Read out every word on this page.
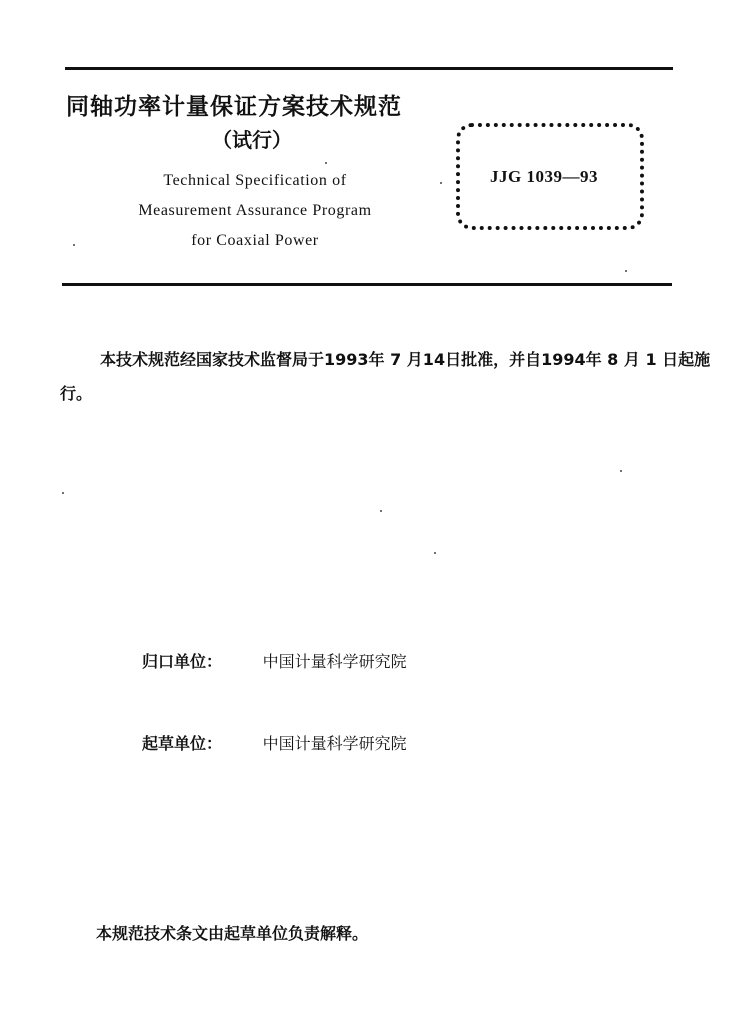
同轴功率计量保证方案技术规范
（试行）
Technical Specification of
Measurement Assurance Program
for Coaxial Power
JJG 1039—93
本技术规范经国家技术监督局于1993年 7 月14日批准，并自1994年 8 月 1 日起施行。
归口单位：	中国计量科学研究院
起草单位：	中国计量科学研究院
本规范技术条文由起草单位负责解释。
